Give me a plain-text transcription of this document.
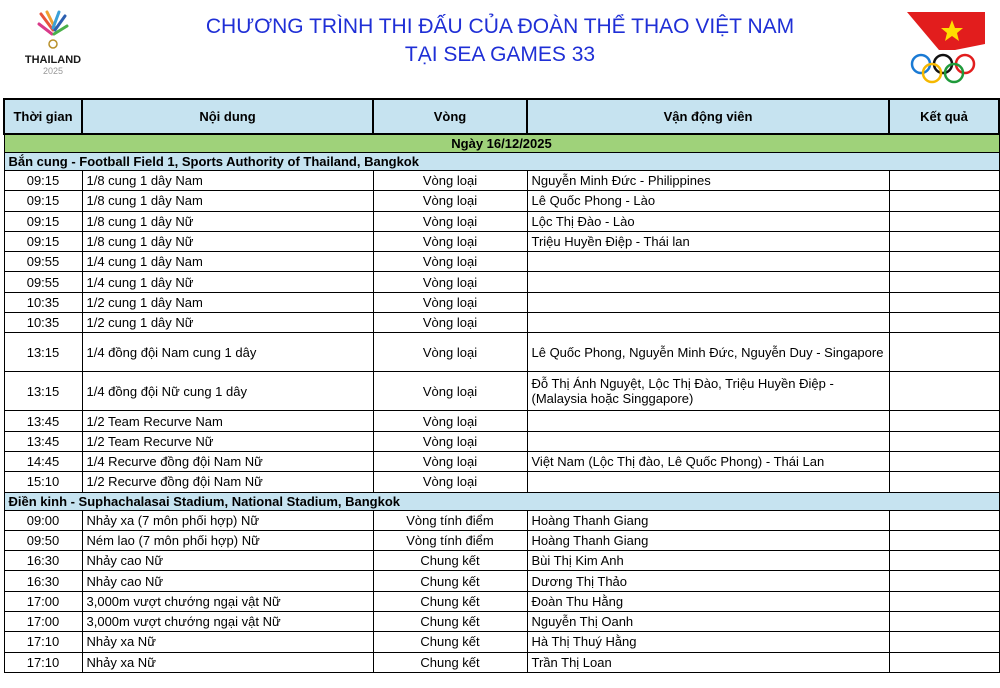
THAILAND
2025
CHƯƠNG TRÌNH THI ĐẤU CỦA ĐOÀN THỂ THAO VIỆT NAM
TẠI SEA GAMES 33
Thời gian	Nội dung	Vòng	Vận động viên	Kết quả
Ngày 16/12/2025				
Bắn cung - Football Field 1, Sports Authority of Thailand, Bangkok				
09:15	1/8 cung 1 dây Nam	Vòng loại	Nguyễn Minh Đức - Philippines	
09:15	1/8 cung 1 dây Nam	Vòng loại	Lê Quốc Phong - Lào	
09:15	1/8 cung 1 dây Nữ	Vòng loại	Lộc Thị Đào - Lào	
09:15	1/8 cung 1 dây Nữ	Vòng loại	Triệu Huyền Điệp - Thái lan	
09:55	1/4 cung 1 dây Nam	Vòng loại		
09:55	1/4 cung 1 dây Nữ	Vòng loại		
10:35	1/2 cung 1 dây Nam	Vòng loại		
10:35	1/2 cung 1 dây Nữ	Vòng loại		
13:15	1/4 đồng đội Nam cung 1 dây	Vòng loại	Lê Quốc Phong, Nguyễn Minh Đức, Nguyễn Duy - Singapore	
13:15	1/4 đồng đội Nữ cung 1 dây	Vòng loại	Đỗ Thị Ánh Nguyệt, Lộc Thị Đào, Triệu Huyền Điệp - (Malaysia hoặc Singgapore)	
13:45	1/2 Team Recurve Nam	Vòng loại		
13:45	1/2 Team Recurve Nữ	Vòng loại		
14:45	1/4 Recurve đồng đội Nam Nữ	Vòng loại	Việt Nam (Lộc Thị đào, Lê Quốc Phong) - Thái Lan	
15:10	1/2 Recurve đồng đội Nam Nữ	Vòng loại		
Điền kinh - Suphachalasai Stadium, National Stadium, Bangkok				
09:00	Nhảy xa (7 môn phối hợp) Nữ	Vòng tính điểm	Hoàng Thanh Giang	
09:50	Ném lao (7 môn phối hợp) Nữ	Vòng tính điểm	Hoàng Thanh Giang	
16:30	Nhảy cao Nữ	Chung kết	Bùi Thị Kim Anh	
16:30	Nhảy cao Nữ	Chung kết	Dương Thị Thảo	
17:00	3,000m vượt chướng ngại vật Nữ	Chung kết	Đoàn Thu Hằng	
17:00	3,000m vượt chướng ngại vật Nữ	Chung kết	Nguyễn Thị Oanh	
17:10	Nhảy xa Nữ	Chung kết	Hà Thị Thuý Hằng	
17:10	Nhảy xa Nữ	Chung kết	Trần Thị Loan	
